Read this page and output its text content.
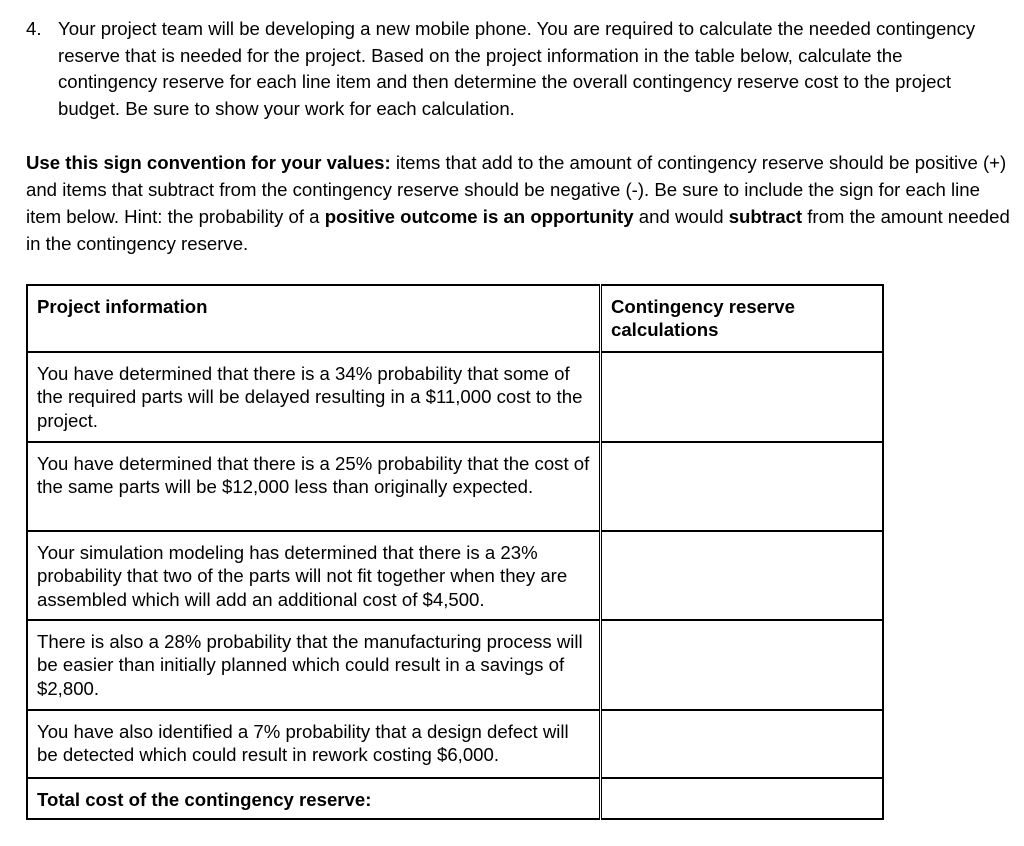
4. Your project team will be developing a new mobile phone. You are required to calculate the needed contingency reserve that is needed for the project. Based on the project information in the table below, calculate the contingency reserve for each line item and then determine the overall contingency reserve cost to the project budget. Be sure to show your work for each calculation.
Use this sign convention for your values: items that add to the amount of contingency reserve should be positive (+) and items that subtract from the contingency reserve should be negative (-). Be sure to include the sign for each line item below. Hint: the probability of a positive outcome is an opportunity and would subtract from the amount needed in the contingency reserve.
Project information	Contingency reserve calculations
You have determined that there is a 34% probability that some of the required parts will be delayed resulting in a $11,000 cost to the project.	
You have determined that there is a 25% probability that the cost of the same parts will be $12,000 less than originally expected.	
Your simulation modeling has determined that there is a 23% probability that two of the parts will not fit together when they are assembled which will add an additional cost of $4,500.	
There is also a 28% probability that the manufacturing process will be easier than initially planned which could result in a savings of $2,800.	
You have also identified a 7% probability that a design defect will be detected which could result in rework costing $6,000.	
Total cost of the contingency reserve:	
